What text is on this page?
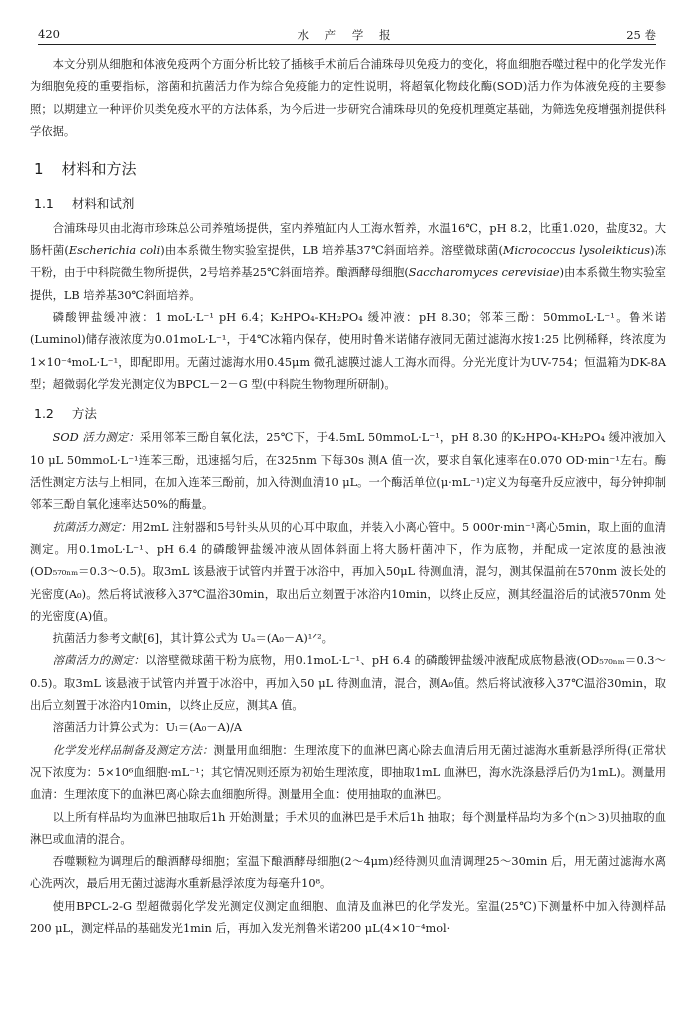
420	水 产 学 报	25 卷

本文分别从细胞和体液免疫两个方面分析比较了插核手术前后合浦珠母贝免疫力的变化，将血细胞吞噬过程中的化学发光作为细胞免疫的重要指标，溶菌和抗菌活力作为综合免疫能力的定性说明，将超氧化物歧化酶(SOD)活力作为体液免疫的主要参照；以期建立一种评价贝类免疫水平的方法体系，为今后进一步研究合浦珠母贝的免疫机理奠定基础，为筛选免疫增强剂提供科学依据。

1 材料和方法
1.1 材料和试剂

合浦珠母贝由北海市珍珠总公司养殖场提供，室内养殖缸内人工海水暂养，水温16℃，pH 8.2，比重1.020，盐度32。大肠杆菌(Escherichia coli)由本系微生物实验室提供，LB 培养基37℃斜面培养。溶壁微球菌(Micrococcus lysoleikticus)冻干粉，由于中科院微生物所提供，2号培养基25℃斜面培养。酿酒酵母细胞(Saccharomyces cerevisiae)由本系微生物实验室提供，LB 培养基30℃斜面培养。

磷酸钾盐缓冲液：1 moL·L⁻¹ pH 6.4；K₂HPO₄-KH₂PO₄ 缓冲液：pH 8.30；邻苯三酚：50mmoL·L⁻¹。鲁米诺(Luminol)储存液浓度为0.01moL·L⁻¹，于4℃冰箱内保存，使用时鲁米诺储存液同无菌过滤海水按1:25 比例稀释，终浓度为1×10⁻⁴moL·L⁻¹，即配即用。无菌过滤海水用0.45μm 微孔滤膜过滤人工海水而得。分光光度计为UV-754；恒温箱为DK-8A 型；超微弱化学发光测定仪为BPCL－2－G 型(中科院生物物理所研制)。

1.2 方法

SOD 活力测定：采用邻苯三酚自氧化法，25℃下，于4.5mL 50mmoL·L⁻¹，pH 8.30 的K₂HPO₄-KH₂PO₄ 缓冲液加入10 μL 50mmoL·L⁻¹连苯三酚，迅速摇匀后，在325nm 下每30s 测A 值一次，要求自氧化速率在0.070 OD·min⁻¹左右。酶活性测定方法与上相同，在加入连苯三酚前，加入待测血清10 μL。一个酶活单位(μ·mL⁻¹)定义为每毫升反应液中，每分钟抑制邻苯三酚自氧化速率达50%的酶量。

抗菌活力测定：用2mL 注射器和5号针头从贝的心耳中取血，并装入小离心管中。5 000r·min⁻¹离心5min，取上面的血清测定。用0.1moL·L⁻¹、pH 6.4 的磷酸钾盐缓冲液从固体斜面上将大肠杆菌冲下，作为底物，并配成一定浓度的悬浊液(OD₅₇₀ₙₘ＝0.3～0.5)。取3mL 该悬液于试管内并置于冰浴中，再加入50μL 待测血清，混匀，测其保温前在570nm 波长处的光密度(A₀)。然后将试液移入37℃温浴30min，取出后立刻置于冰浴内10min，以终止反应，测其经温浴后的试液570nm 处的光密度(A)值。

抗菌活力参考文献[6]，其计算公式为 Uₐ＝(A₀－A)¹ᐟ²。

溶菌活力的测定：以溶壁微球菌干粉为底物，用0.1moL·L⁻¹、pH 6.4 的磷酸钾盐缓冲液配成底物悬液(OD₅₇₀ₙₘ＝0.3～0.5)。取3mL 该悬液于试管内并置于冰浴中，再加入50 μL 待测血清，混合，测A₀值。然后将试液移入37℃温浴30min，取出后立刻置于冰浴内10min，以终止反应，测其A 值。

溶菌活力计算公式为：Uₗ＝(A₀－A)/A

化学发光样品制备及测定方法：测量用血细胞：生理浓度下的血淋巴离心除去血清后用无菌过滤海水重新悬浮所得(正常状况下浓度为：5×10⁶血细胞·mL⁻¹；其它情况则还原为初始生理浓度，即抽取1mL 血淋巴，海水洗涤悬浮后仍为1mL)。测量用血清：生理浓度下的血淋巴离心除去血细胞所得。测量用全血：使用抽取的血淋巴。

以上所有样品均为血淋巴抽取后1h 开始测量；手术贝的血淋巴是手术后1h 抽取；每个测量样品均为多个(n＞3)贝抽取的血淋巴或血清的混合。

吞噬颗粒为调理后的酿酒酵母细胞；室温下酿酒酵母细胞(2～4μm)经待测贝血清调理25～30min 后，用无菌过滤海水离心洗两次，最后用无菌过滤海水重新悬浮浓度为每毫升10⁸。

使用BPCL-2-G 型超微弱化学发光测定仪测定血细胞、血清及血淋巴的化学发光。室温(25℃)下测量杯中加入待测样品200 μL，测定样品的基础发光1min 后，再加入发光剂鲁米诺200 μL(4×10⁻⁴mol·
